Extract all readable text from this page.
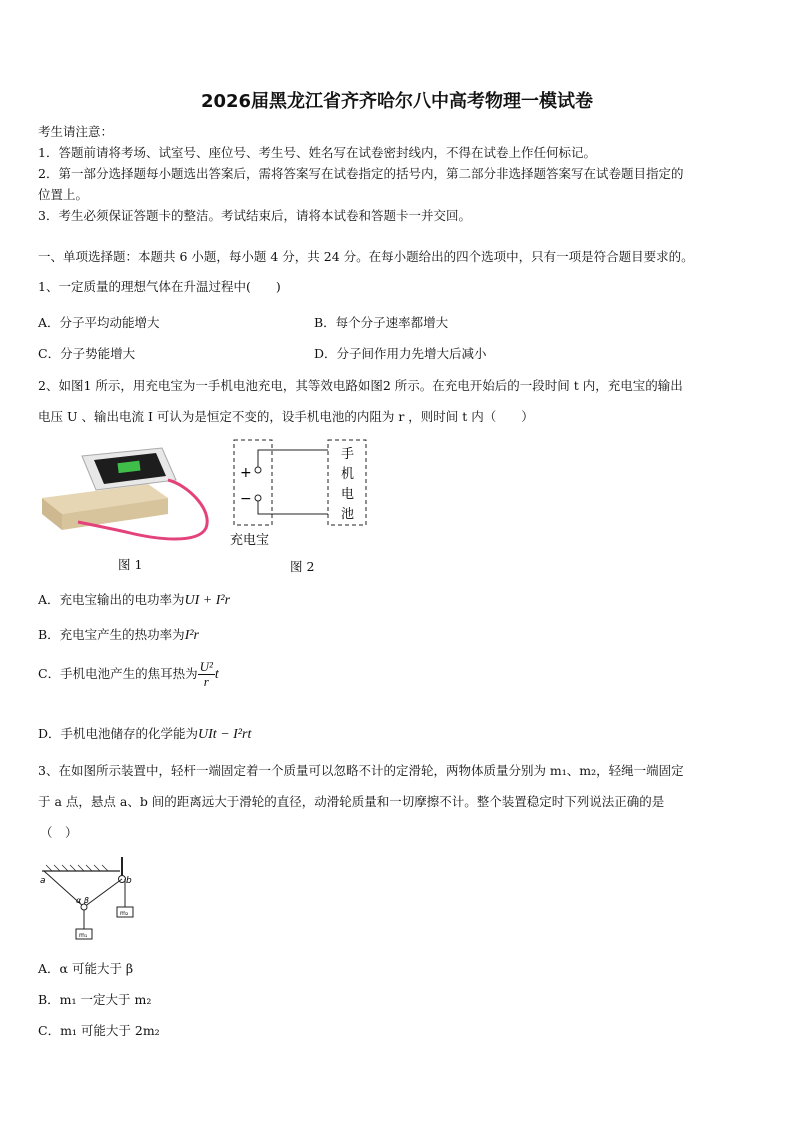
2026届黑龙江省齐齐哈尔八中高考物理一模试卷
考生请注意：
1．答题前请将考场、试室号、座位号、考生号、姓名写在试卷密封线内，不得在试卷上作任何标记。
2．第一部分选择题每小题选出答案后，需将答案写在试卷指定的括号内，第二部分非选择题答案写在试卷题目指定的
位置上。
3．考生必须保证答题卡的整洁。考试结束后，请将本试卷和答题卡一并交回。
一、单项选择题：本题共 6 小题，每小题 4 分，共 24 分。在每小题给出的四个选项中，只有一项是符合题目要求的。
1、一定质量的理想气体在升温过程中(　　)
A．分子平均动能增大	B．每个分子速率都增大
C．分子势能增大	D．分子间作用力先增大后减小
2、如图1 所示，用充电宝为一手机电池充电，其等效电路如图2 所示。在充电开始后的一段时间 t 内，充电宝的输出
电压 U 、输出电流 I 可认为是恒定不变的，设手机电池的内阻为 r ，则时间 t 内（　　）
图 1
+
−
手
机
电
池
充电宝
图 2
A．充电宝输出的电功率为UI + I²r
B．充电宝产生的热功率为I²r
C．手机电池产生的焦耳热为 $\frac{\text{U²}}{r}$ t
D．手机电池储存的化学能为UIt − I²rt
3、在如图所示装置中，轻杆一端固定着一个质量可以忽略不计的定滑轮，两物体质量分别为 m₁、m₂，轻绳一端固定
于 a 点，悬点 a、b 间的距离远大于滑轮的直径，动滑轮质量和一切摩擦不计。整个装置稳定时下列说法正确的是
（　）
a	b
α β
m₁
m₂
A．α 可能大于 β
B．m₁ 一定大于 m₂
C．m₁ 可能大于 2m₂
